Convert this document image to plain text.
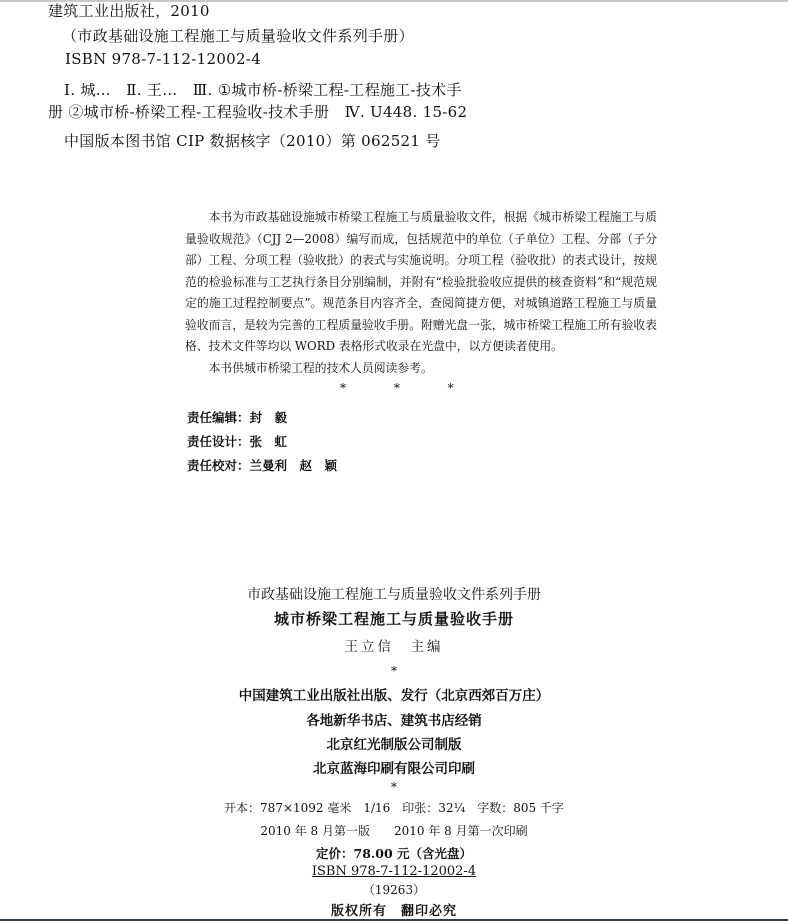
建筑工业出版社，2010
（市政基础设施工程施工与质量验收文件系列手册）
ISBN 978-7-112-12002-4
Ⅰ. 城…　Ⅱ. 王…　Ⅲ. ①城市桥-桥梁工程-工程施工-技术手
册 ②城市桥-桥梁工程-工程验收-技术手册　Ⅳ. U448. 15-62
中国版本图书馆 CIP 数据核字（2010）第 062521 号

本书为市政基础设施城市桥梁工程施工与质量验收文件，根据《城市桥梁工程施工与质量验收规范》（CJJ 2—2008）编写而成，包括规范中的单位（子单位）工程、分部（子分部）工程、分项工程（验收批）的表式与实施说明。分项工程（验收批）的表式设计，按规范的检验标准与工艺执行条目分别编制，并附有“检验批验收应提供的核查资料”和“规范规定的施工过程控制要点”。规范条目内容齐全，查阅简捷方便，对城镇道路工程施工与质量验收而言，是较为完善的工程质量验收手册。附赠光盘一张，城市桥梁工程施工所有验收表格、技术文件等均以 WORD 表格形式收录在光盘中，以方便读者使用。

本书供城市桥梁工程的技术人员阅读参考。

*	*	*
责任编辑：封　毅
责任设计：张　虹
责任校对：兰曼利　赵　颖
市政基础设施工程施工与质量验收文件系列手册
城市桥梁工程施工与质量验收手册
王立信　主编
*
中国建筑工业出版社出版、发行（北京西郊百万庄）
各地新华书店、建筑书店经销
北京红光制版公司制版
北京蓝海印刷有限公司印刷
*
开本：787×1092 毫米　1/16　印张：32¼　字数：805 千字
2010 年 8 月第一版　　2010 年 8 月第一次印刷
定价：78.00 元（含光盘）
ISBN 978-7-112-12002-4
（19263）
版权所有　翻印必究
